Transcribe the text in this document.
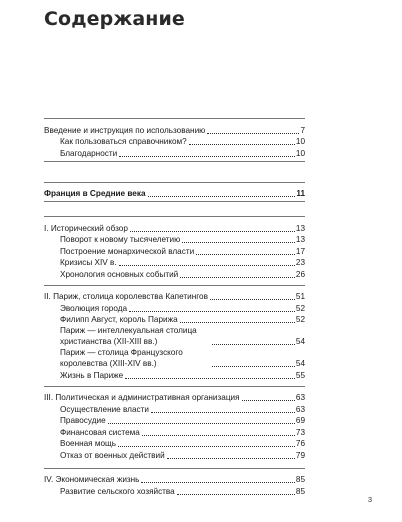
Содержание
Введение и инструкция по использованию	7
Как пользоваться справочником?	10
Благодарности	10
Франция в Средние века	11
I. Исторический обзор	13
Поворот к новому тысячелетию	13
Построение монархической власти	17
Кризисы XIV в.	23
Хронология основных событий	26
II. Париж, столица королевства Капетингов	51
Эволюция города	52
Филипп Август, король Парижа	52
Париж — интеллекуальная столица христианства (XII-XIII вв.)	54
Париж — столица Французского королевства (XIII-XIV вв.)	54
Жизнь в Париже	55
III. Политическая и административная организация	63
Осуществление власти	63
Правосудие	69
Финансовая система	73
Военная мощь	76
Отказ от военных действий	79
IV. Экономическая жизнь	85
Развитие сельского хозяйства	85
3
